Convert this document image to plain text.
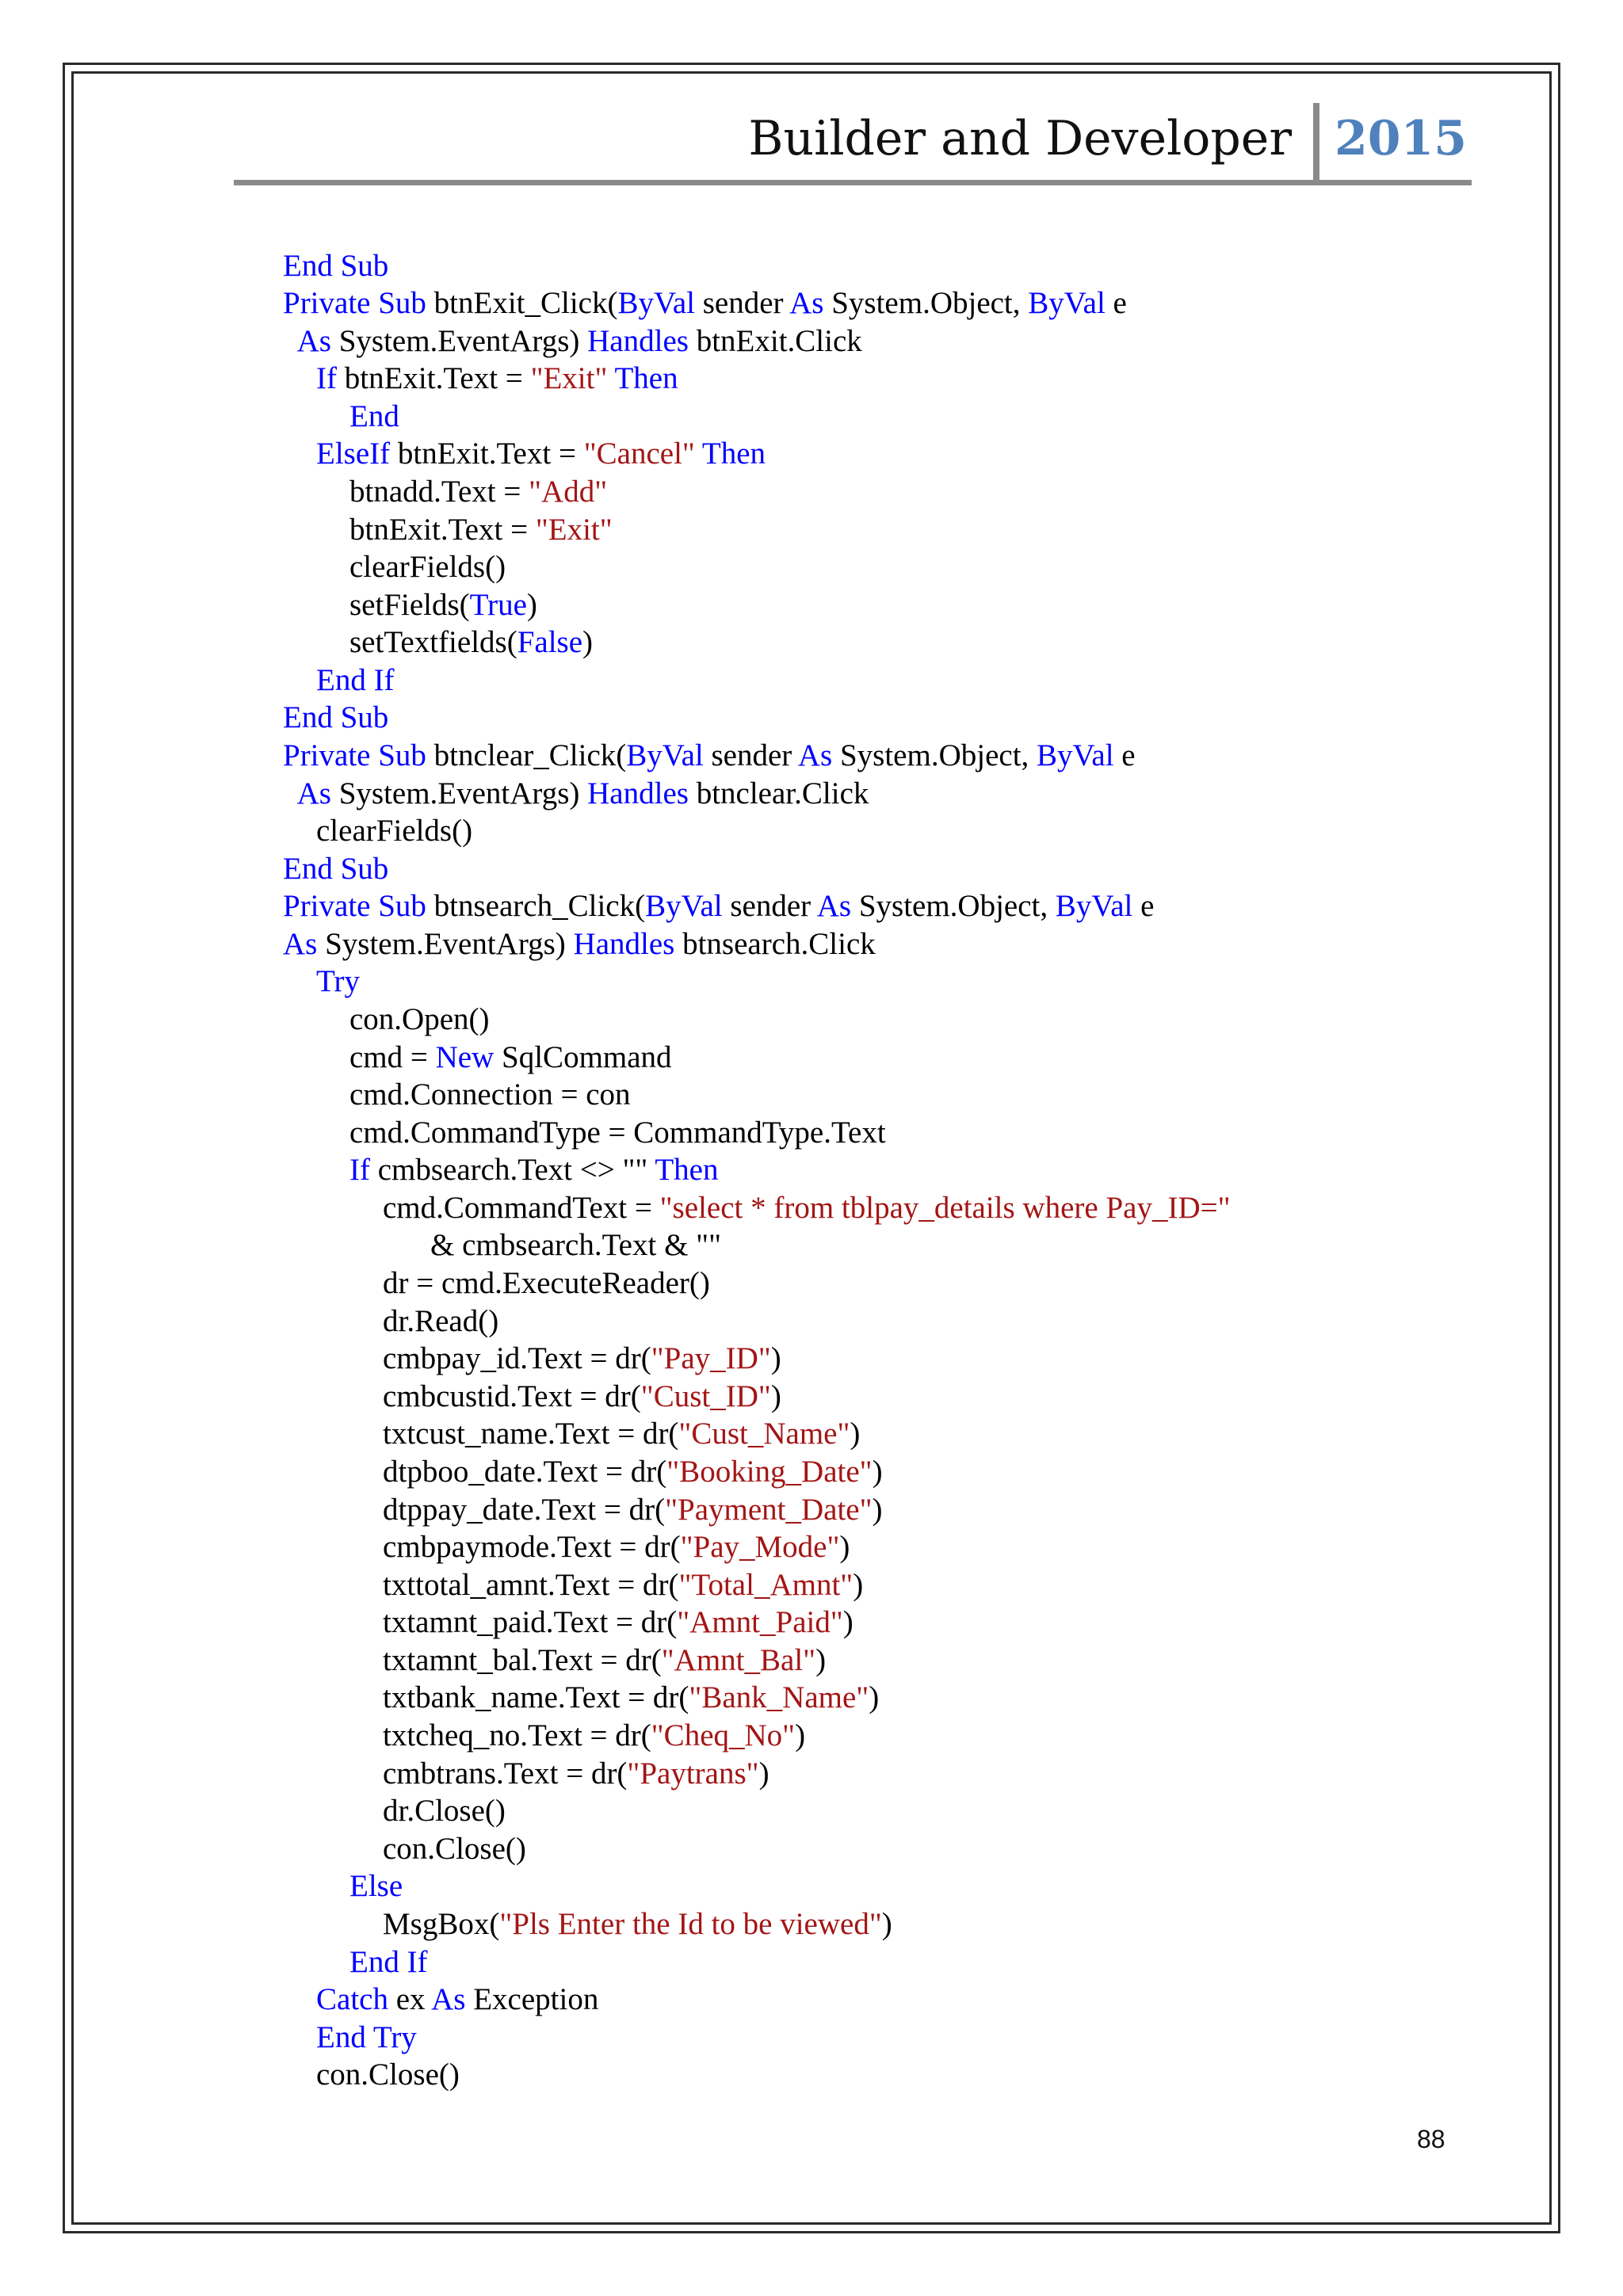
Builder and Developer 2015
End Sub
Private Sub btnExit_Click(ByVal sender As System.Object, ByVal e
As System.EventArgs) Handles btnExit.Click
If btnExit.Text = "Exit" Then
End
ElseIf btnExit.Text = "Cancel" Then
btnadd.Text = "Add"
btnExit.Text = "Exit"
clearFields()
setFields(True)
setTextfields(False)
End If
End Sub
Private Sub btnclear_Click(ByVal sender As System.Object, ByVal e
As System.EventArgs) Handles btnclear.Click
clearFields()
End Sub
Private Sub btnsearch_Click(ByVal sender As System.Object, ByVal e
As System.EventArgs) Handles btnsearch.Click
Try
con.Open()
cmd = New SqlCommand
cmd.Connection = con
cmd.CommandType = CommandType.Text
If cmbsearch.Text <> "" Then
cmd.CommandText = "select * from tblpay_details where Pay_ID="
& cmbsearch.Text & ""
dr = cmd.ExecuteReader()
dr.Read()
cmbpay_id.Text = dr("Pay_ID")
cmbcustid.Text = dr("Cust_ID")
txtcust_name.Text = dr("Cust_Name")
dtpboo_date.Text = dr("Booking_Date")
dtppay_date.Text = dr("Payment_Date")
cmbpaymode.Text = dr("Pay_Mode")
txttotal_amnt.Text = dr("Total_Amnt")
txtamnt_paid.Text = dr("Amnt_Paid")
txtamnt_bal.Text = dr("Amnt_Bal")
txtbank_name.Text = dr("Bank_Name")
txtcheq_no.Text = dr("Cheq_No")
cmbtrans.Text = dr("Paytrans")
dr.Close()
con.Close()
Else
MsgBox("Pls Enter the Id to be viewed")
End If
Catch ex As Exception
End Try
con.Close()
88
